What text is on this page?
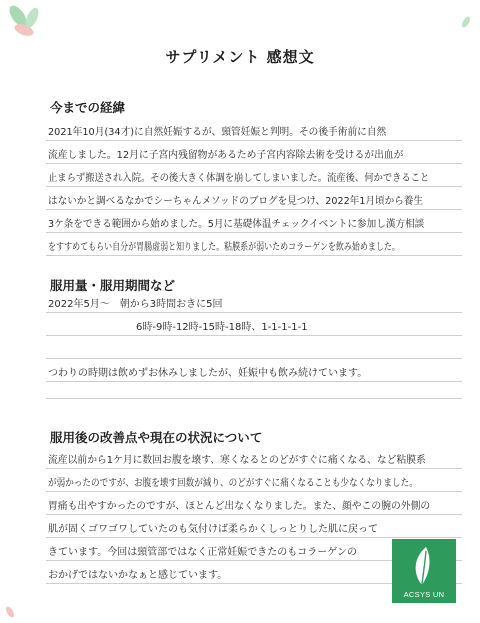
サプリメント 感想文
今までの経緯
2021年10月(34才)に自然妊娠するが、頸管妊娠と判明。その後手術前に自然
流産しました。12月に子宮内残留物があるため子宮内容除去術を受けるが出血が
止まらず搬送され入院。その後大きく体調を崩してしまいました。流産後、何かできること
はないかと調べるなかでシーちゃんメソッドのブログを見つけ、2022年1月頃から養生
3ケ条をできる範囲から始めました。5月に基礎体温チェックイベントに参加し漢方相談
をすすめてもらい自分が胃腸虚弱と知りました。粘膜系が弱いためコラーゲンを飲み始めました。
服用量・服用期間など
2022年5月～　朝から3時間おきに5回
6時-9時-12時-15時-18時、1-1-1-1-1
つわりの時期は飲めずお休みしましたが、妊娠中も飲み続けています。
服用後の改善点や現在の状況について
流産以前から1ケ月に数回お腹を壊す、寒くなるとのどがすぐに痛くなる、など粘膜系
が弱かったのですが、お腹を壊す回数が減り、のどがすぐに痛くなることも少なくなりました。
胃痛も出やすかったのですが、ほとんど出なくなりました。また、顔やこの腕の外側の
肌が固くゴワゴワしていたのも気付けば柔らかくしっとりした肌に戻って
きています。今回は頸管部ではなく正常妊娠できたのもコラーゲンの
おかげではないかなぁと感じています。
ACSYS UN
